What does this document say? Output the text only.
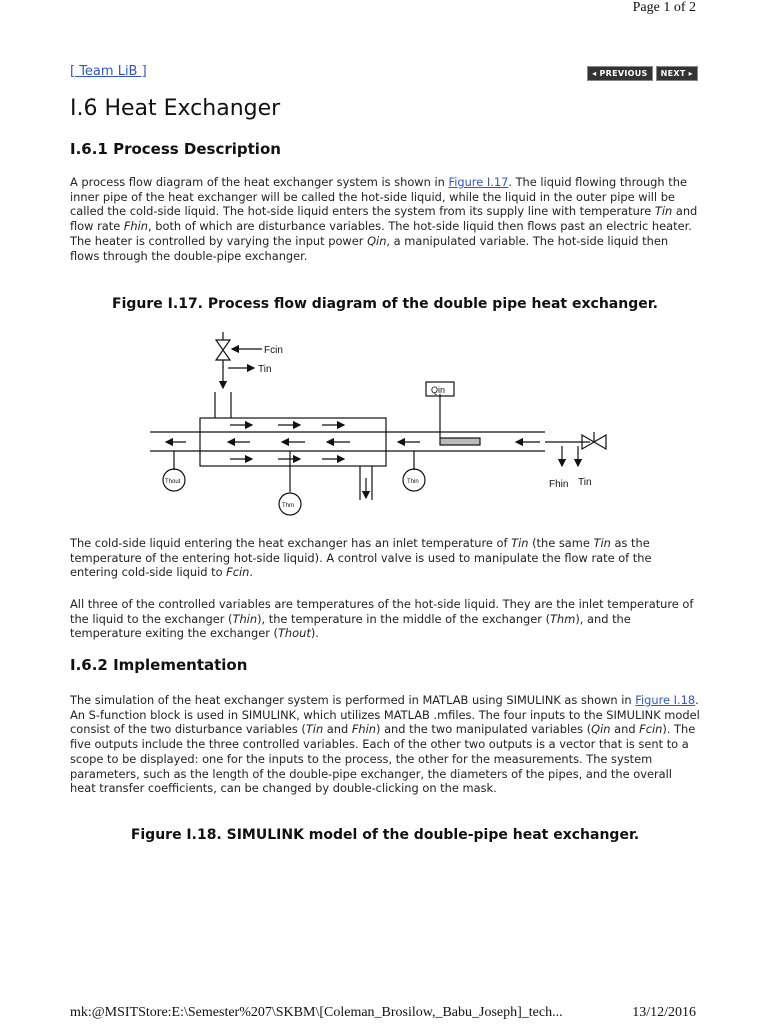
Page 1 of 2
[ Team LiB ]	◂ PREVIOUS	NEXT ▸
I.6 Heat Exchanger
I.6.1 Process Description

A process flow diagram of the heat exchanger system is shown in Figure I.17. The liquid flowing through the inner pipe of the heat exchanger will be called the hot-side liquid, while the liquid in the outer pipe will be called the cold-side liquid. The hot-side liquid enters the system from its supply line with temperature Tin and flow rate Fhin, both of which are disturbance variables. The hot-side liquid then flows past an electric heater. The heater is controlled by varying the input power Qin, a manipulated variable. The hot-side liquid then flows through the double-pipe exchanger.

Figure I.17. Process flow diagram of the double pipe heat exchanger.
Fcin
Tin
Qin
Thout
Thm
Thin	Fhin Tin

The cold-side liquid entering the heat exchanger has an inlet temperature of Tin (the same Tin as the temperature of the entering hot-side liquid). A control valve is used to manipulate the flow rate of the entering cold-side liquid to Fcin.

All three of the controlled variables are temperatures of the hot-side liquid. They are the inlet temperature of the liquid to the exchanger (Thin), the temperature in the middle of the exchanger (Thm), and the temperature exiting the exchanger (Thout).

I.6.2 Implementation

The simulation of the heat exchanger system is performed in MATLAB using SIMULINK as shown in Figure I.18. An S-function block is used in SIMULINK, which utilizes MATLAB .mfiles. The four inputs to the SIMULINK model consist of the two disturbance variables (Tin and Fhin) and the two manipulated variables (Qin and Fcin). The five outputs include the three controlled variables. Each of the other two outputs is a vector that is sent to a scope to be displayed: one for the inputs to the process, the other for the measurements. The system parameters, such as the length of the double-pipe exchanger, the diameters of the pipes, and the overall heat transfer coefficients, can be changed by double-clicking on the mask.

Figure I.18. SIMULINK model of the double-pipe heat exchanger.
mk:@MSITStore:E:\Semester%207\SKBM\[Coleman_Brosilow,_Babu_Joseph]_tech...	13/12/2016
